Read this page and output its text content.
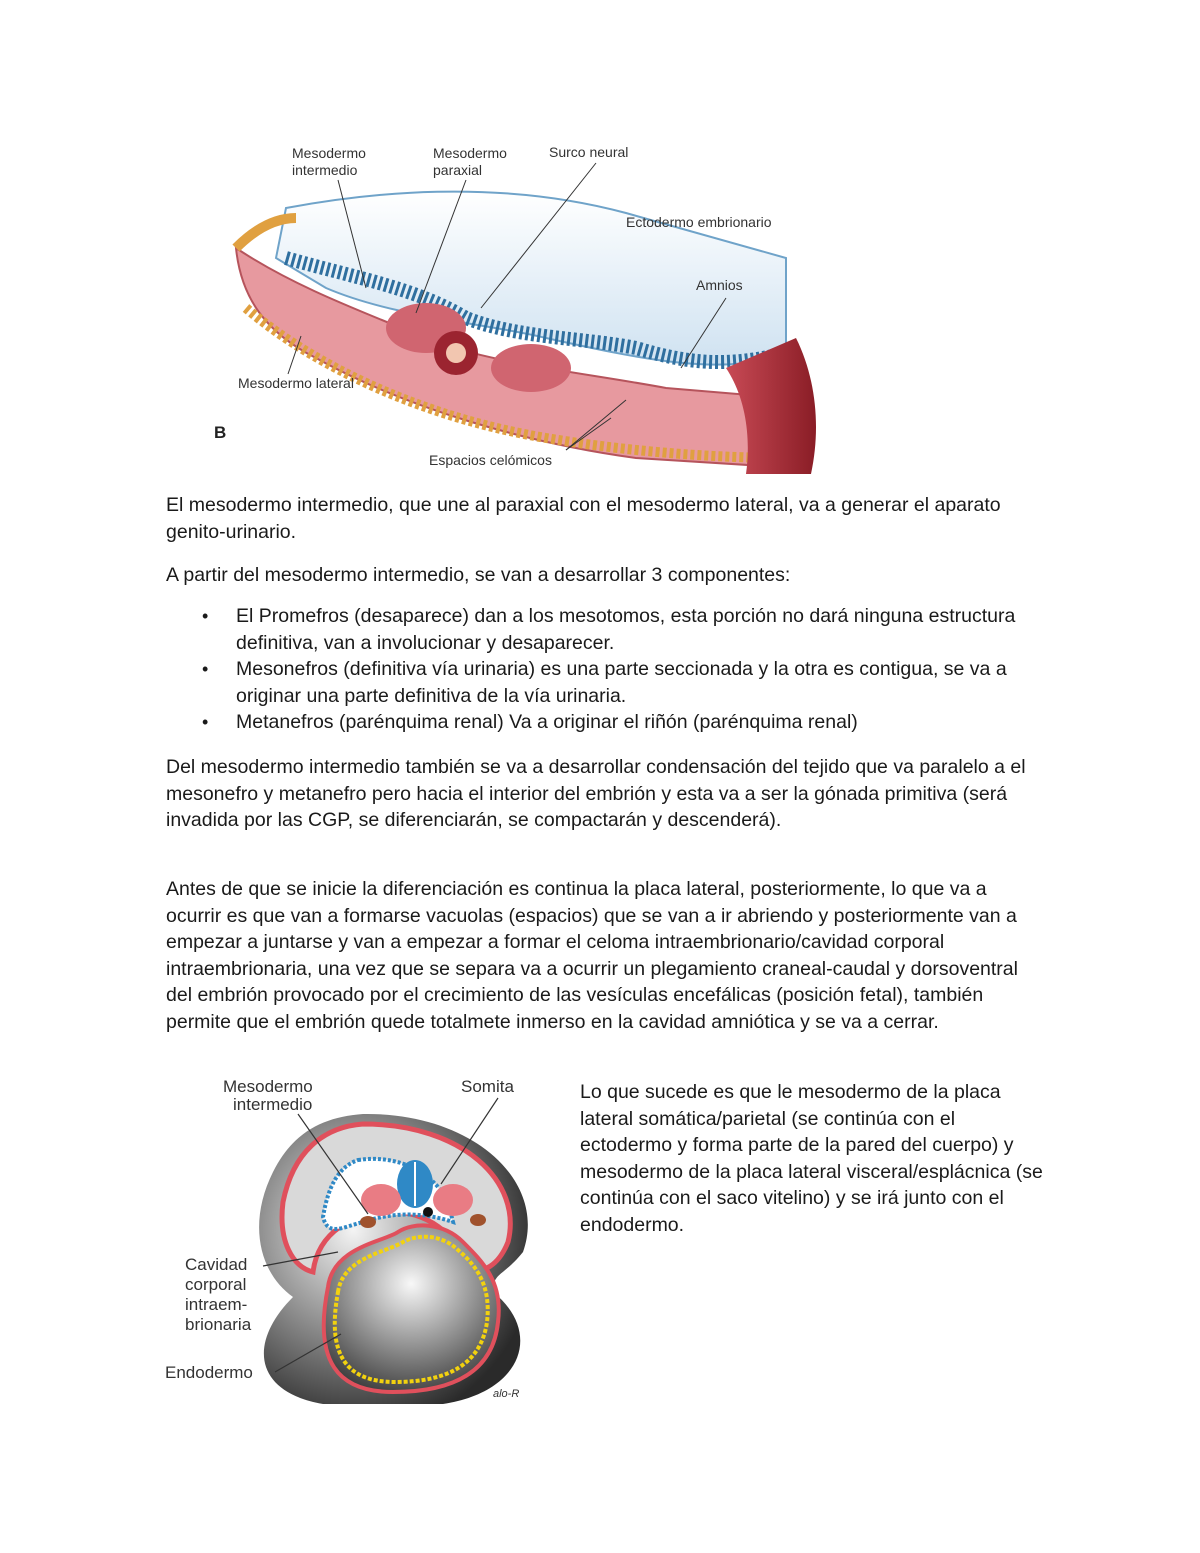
Mesodermo
intermedio
Mesodermo
paraxial
Surco neural
Ectodermo embrionario
Amnios
Mesodermo lateral
B
Espacios celómicos

El mesodermo intermedio, que une al paraxial con el mesodermo lateral, va a generar el aparato genito-urinario.

A partir del mesodermo intermedio, se van a desarrollar 3 componentes:

• El Promefros (desaparece) dan a los mesotomos, esta porción no dará ninguna estructura definitiva, van a involucionar y desaparecer.
• Mesonefros (definitiva vía urinaria) es una parte seccionada y la otra es contigua, se va a originar una parte definitiva de la vía urinaria.
• Metanefros (parénquima renal) Va a originar el riñón (parénquima renal)

Del mesodermo intermedio también se va a desarrollar condensación del tejido que va paralelo a el mesonefro y metanefro pero hacia el interior del embrión y esta va a ser la gónada primitiva (será invadida por las CGP, se diferenciarán, se compactarán y descenderá).

Antes de que se inicie la diferenciación es continua la placa lateral, posteriormente, lo que va a ocurrir es que van a formarse vacuolas (espacios) que se van a ir abriendo y posteriormente van a empezar a juntarse y van a empezar a formar el celoma intraembrionario/cavidad corporal intraembrionaria, una vez que se separa va a ocurrir un plegamiento craneal-caudal y dorsoventral del embrión provocado por el crecimiento de las vesículas encefálicas (posición fetal), también permite que el embrión quede totalmete inmerso en la cavidad amniótica y se va a cerrar.

Mesodermo
intermedio
Somita
Cavidad
corporal
intraem-
brionaria
Endodermo
alo-R

Lo que sucede es que le mesodermo de la placa lateral somática/parietal (se continúa con el ectodermo y forma parte de la pared del cuerpo) y mesodermo de la placa lateral visceral/esplácnica (se continúa con el saco vitelino) y se irá junto con el endodermo.
